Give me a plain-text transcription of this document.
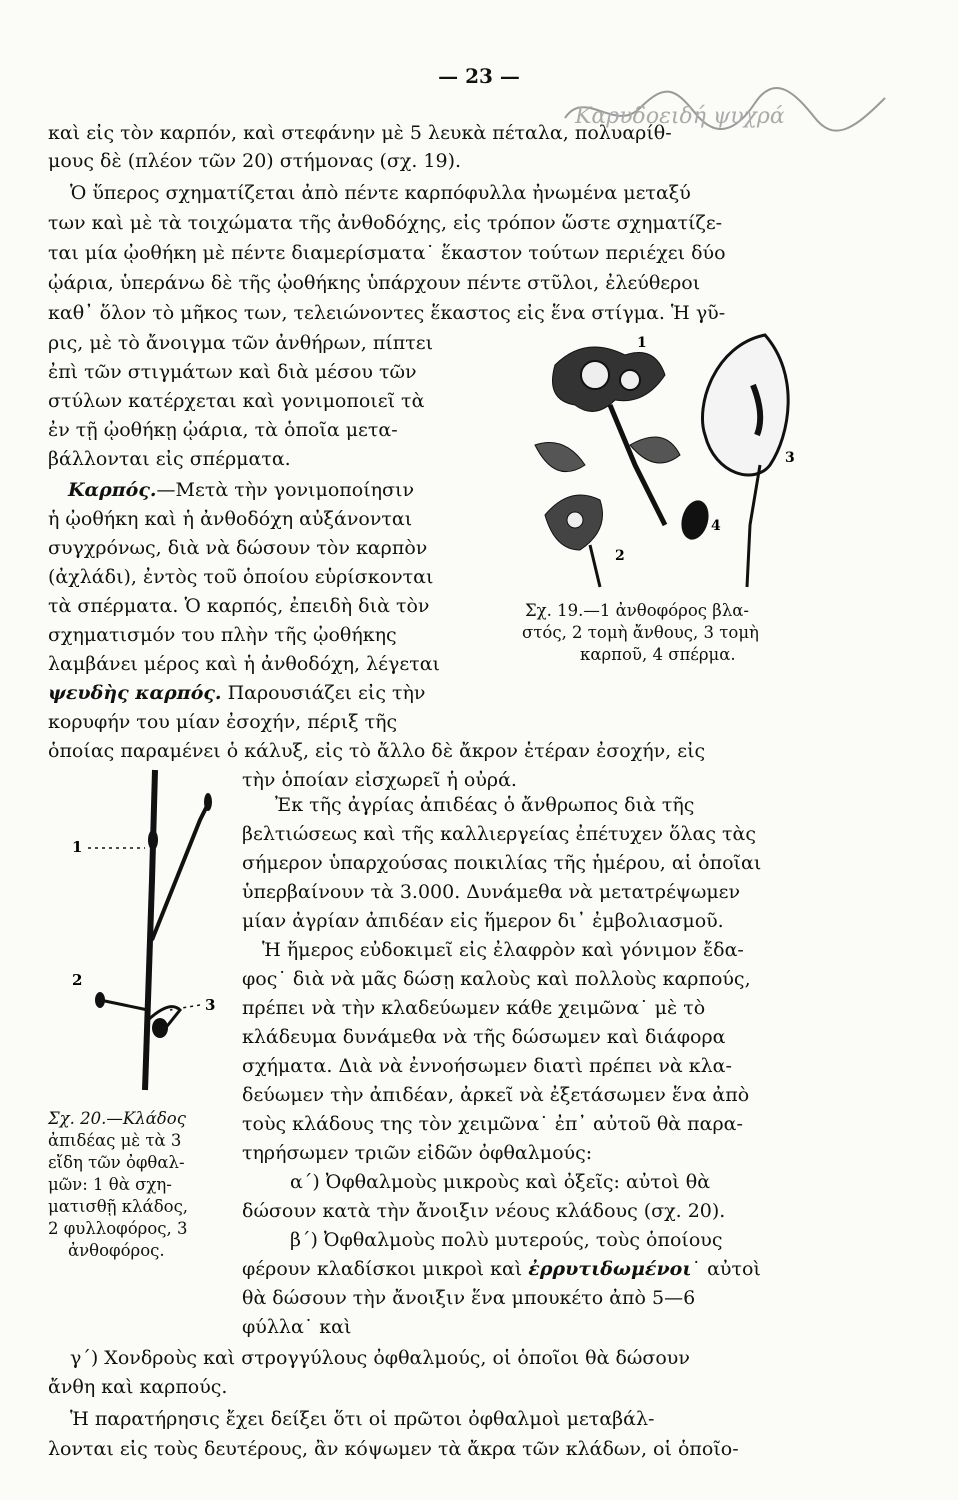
— 23 —
Καρυδοειδή ψυχρά
καὶ εἰς τὸν καρπόν, καὶ στεφάνην μὲ 5 λευκὰ πέταλα, πολυαρίθ-
μους δὲ (πλέον τῶν 20) στήμονας (σχ. 19).
Ὁ ὕπερος σχηματίζεται ἀπὸ πέντε καρπόφυλλα ἠνωμένα μεταξύ
των καὶ μὲ τὰ τοιχώματα τῆς ἀνθοδόχης, εἰς τρόπον ὥστε σχηματίζε-
ται μία ᾠοθήκη μὲ πέντε διαμερίσματα˙ ἕκαστον τούτων περιέχει δύο
ᾠάρια, ὑπεράνω δὲ τῆς ᾠοθήκης ὑπάρχουν πέντε στῦλοι, ἐλεύθεροι
καθ᾿ ὅλον τὸ μῆκος των, τελειώνοντες ἕκαστος εἰς ἕνα στίγμα. Ἡ γῦ-
ρις, μὲ τὸ ἄνοιγμα τῶν ἀνθήρων, πίπτει
ἐπὶ τῶν στιγμάτων καὶ διὰ μέσου τῶν
στύλων κατέρχεται καὶ γονιμοποιεῖ τὰ
ἐν τῇ ᾠοθήκῃ ᾠάρια, τὰ ὁποῖα μετα-
βάλλονται εἰς σπέρματα.
Καρπός.—Μετὰ τὴν γονιμοποίησιν
ἡ ᾠοθήκη καὶ ἡ ἀνθοδόχη αὐξάνονται
συγχρόνως, διὰ νὰ δώσουν τὸν καρπὸν
(ἀχλάδι), ἐντὸς τοῦ ὁποίου εὑρίσκονται
τὰ σπέρματα. Ὁ καρπός, ἐπειδὴ διὰ τὸν
σχηματισμόν του πλὴν τῆς ᾠοθήκης
λαμβάνει μέρος καὶ ἡ ἀνθοδόχη, λέγεται
ψευδὴς καρπός. Παρουσιάζει εἰς τὴν
κορυφήν του μίαν ἐσοχήν, πέριξ τῆς
1
2
3
4
Σχ. 19.—1 ἀνθοφόρος βλα-
στός, 2 τομὴ ἄνθους, 3 τομὴ
καρποῦ, 4 σπέρμα.
ὁποίας παραμένει ὁ κάλυξ, εἰς τὸ ἄλλο δὲ ἄκρον ἑτέραν ἐσοχήν, εἰς
τὴν ὁποίαν εἰσχωρεῖ ἡ οὐρά.
Ἐκ τῆς ἀγρίας ἀπιδέας ὁ ἄνθρωπος διὰ τῆς
βελτιώσεως καὶ τῆς καλλιεργείας ἐπέτυχεν ὅλας τὰς
σήμερον ὑπαρχούσας ποικιλίας τῆς ἡμέρου, αἱ ὁποῖαι
ὑπερβαίνουν τὰ 3.000. Δυνάμεθα νὰ μετατρέψωμεν
μίαν ἀγρίαν ἀπιδέαν εἰς ἥμερον δι᾿ ἐμβολιασμοῦ.
Ἡ ἥμερος εὐδοκιμεῖ εἰς ἐλαφρὸν καὶ γόνιμον ἔδα-
φος˙ διὰ νὰ μᾶς δώσῃ καλοὺς καὶ πολλοὺς καρπούς,
πρέπει νὰ τὴν κλαδεύωμεν κάθε χειμῶνα˙ μὲ τὸ
κλάδευμα δυνάμεθα νὰ τῆς δώσωμεν καὶ διάφορα
σχήματα. Διὰ νὰ ἐννοήσωμεν διατὶ πρέπει νὰ κλα-
δεύωμεν τὴν ἀπιδέαν, ἀρκεῖ νὰ ἐξετάσωμεν ἕνα ἀπὸ
τοὺς κλάδους της τὸν χειμῶνα˙ ἐπ᾿ αὐτοῦ θὰ παρα-
τηρήσωμεν τριῶν εἰδῶν ὀφθαλμούς:
α´) Ὀφθαλμοὺς μικροὺς καὶ ὀξεῖς: αὐτοὶ θὰ
δώσουν κατὰ τὴν ἄνοιξιν νέους κλάδους (σχ. 20).
β´) Ὀφθαλμοὺς πολὺ μυτερούς, τοὺς ὁποίους
φέρουν κλαδίσκοι μικροὶ καὶ ἐρρυτιδωμένοι˙ αὐτοὶ
θὰ δώσουν τὴν ἄνοιξιν ἕνα μπουκέτο ἀπὸ 5—6
φύλλα˙ καὶ
1
2
3
Σχ. 20.—Κλάδος
ἀπιδέας μὲ τὰ 3
εἴδη τῶν ὀφθαλ-
μῶν: 1 θὰ σχη-
ματισθῇ κλάδος,
2 φυλλοφόρος, 3
ἀνθοφόρος.
γ´) Χονδροὺς καὶ στρογγύλους ὀφθαλμούς, οἱ ὁποῖοι θὰ δώσουν
ἄνθη καὶ καρπούς.
Ἡ παρατήρησις ἔχει δείξει ὅτι οἱ πρῶτοι ὀφθαλμοὶ μεταβάλ-
λονται εἰς τοὺς δευτέρους, ἂν κόψωμεν τὰ ἄκρα τῶν κλάδων, οἱ ὁποῖο-
